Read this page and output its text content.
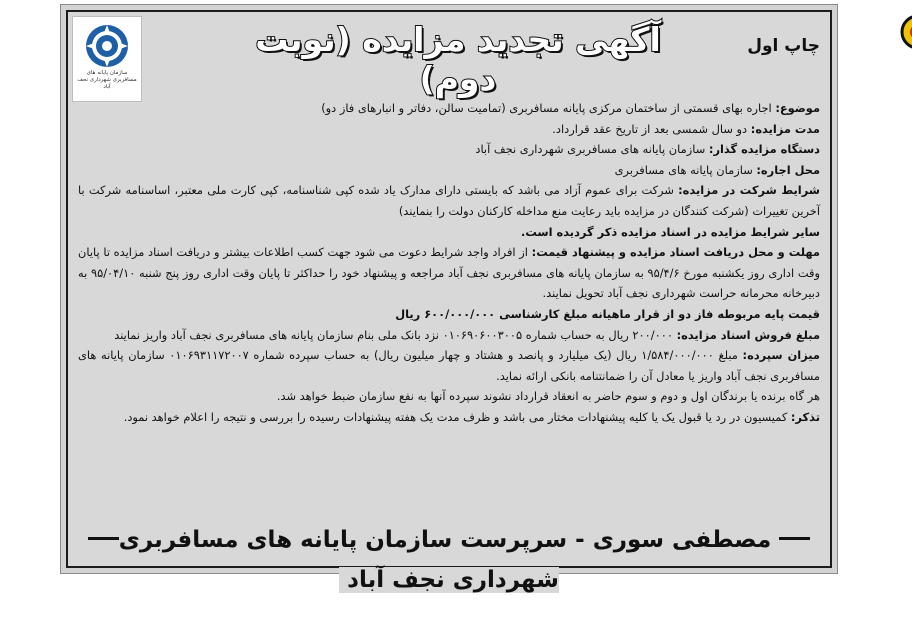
سازمان پایانه های مسافربری شهرداری نجف آباد
چاپ اول
آگهی تجدید مزایده (نوبت دوم)

موضوع: اجاره بهای قسمتی از ساختمان مرکزی پایانه مسافربری (تمامیت سالن، دفاتر و انبارهای فاز دو)

مدت مزایده: دو سال شمسی بعد از تاریخ عقد قرارداد.

دستگاه مزایده گذار: سازمان پایانه های مسافربری شهرداری نجف آباد

محل اجاره: سازمان پایانه های مسافربری

شرایط شرکت در مزایده: شرکت برای عموم آزاد می باشد که بایستی دارای مدارک یاد شده کپی شناسنامه، کپی کارت ملی معتبر، اساسنامه شرکت با آخرین تغییرات (شرکت کنندگان در مزایده باید رعایت منع مداخله کارکنان دولت را بنمایند)

سایر شرایط مزایده در اسناد مزایده ذکر گردیده است.

مهلت و محل دریافت اسناد مزایده و پیشنهاد قیمت: از افراد واجد شرایط دعوت می شود جهت کسب اطلاعات بیشتر و دریافت اسناد مزایده تا پایان وقت اداری روز یکشنبه مورخ ۹۵/۴/۶ به سازمان پایانه های مسافربری نجف آباد مراجعه و پیشنهاد خود را حداکثر تا پایان وقت اداری روز پنج شنبه ۹۵/۰۴/۱۰ به دبیرخانه محرمانه حراست شهرداری نجف آباد تحویل نمایند.

قیمت پایه مربوطه فاز دو از قرار ماهیانه مبلغ کارشناسی ۶۰۰/۰۰۰/۰۰۰ ریال

مبلغ فروش اسناد مزایده: ۲۰۰/۰۰۰ ریال به حساب شماره ۰۱۰۶۹۰۶۰۰۳۰۰۵ نزد بانک ملی بنام سازمان پایانه های مسافربری نجف آباد واریز نمایند

میزان سپرده: مبلغ ۱/۵۸۴/۰۰۰/۰۰۰ ریال (یک میلیارد و پانصد و هشتاد و چهار میلیون ریال) به حساب سپرده شماره ۰۱۰۶۹۳۱۱۷۲۰۰۷ سازمان پایانه های مسافربری نجف آباد واریز یا معادل آن را ضمانتنامه بانکی ارائه نماید.

هر گاه برنده یا برندگان اول و دوم و سوم حاضر به انعقاد قرارداد نشوند سپرده آنها به نفع سازمان ضبط خواهد شد.

تذکر: کمیسیون در رد یا قبول یک یا کلیه پیشنهادات مختار می باشد و ظرف مدت یک هفته پیشنهادات رسیده را بررسی و نتیجه را اعلام خواهد نمود.

مصطفی سوری - سرپرست سازمان پایانه های مسافربری شهرداری نجف آباد
